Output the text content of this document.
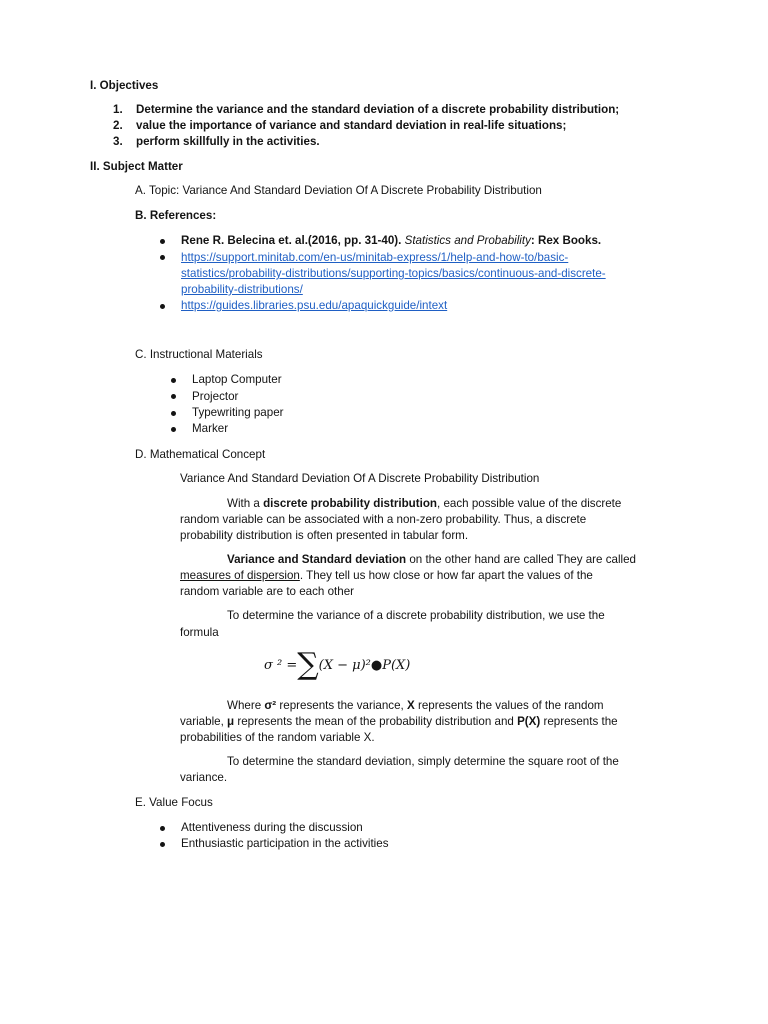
I. Objectives
1. Determine the variance and the standard deviation of a discrete probability distribution;
2. value the importance of variance and standard deviation in real-life situations;
3. perform skillfully in the activities.
II. Subject Matter
A. Topic: Variance And Standard Deviation Of A Discrete Probability Distribution
B. References:
Rene R. Belecina et. al.(2016, pp. 31-40). Statistics and Probability: Rex Books.
https://support.minitab.com/en-us/minitab-express/1/help-and-how-to/basic-
statistics/probability-distributions/supporting-topics/basics/continuous-and-discrete-
probability-distributions/
https://guides.libraries.psu.edu/apaquickguide/intext
C. Instructional Materials
Laptop Computer
Projector
Typewriting paper
Marker
D. Mathematical Concept
Variance And Standard Deviation Of A Discrete Probability Distribution
With a discrete probability distribution, each possible value of the discrete
random variable can be associated with a non-zero probability. Thus, a discrete
probability distribution is often presented in tabular form.
Variance and Standard deviation on the other hand are called They are called
measures of dispersion. They tell us how close or how far apart the values of the
random variable are to each other
To determine the variance of a discrete probability distribution, we use the
formula
σ ² =∑(X − μ)²●P(X)
Where σ² represents the variance, X represents the values of the random
variable, μ represents the mean of the probability distribution and P(X) represents the
probabilities of the random variable X.
To determine the standard deviation, simply determine the square root of the
variance.
E. Value Focus
Attentiveness during the discussion
Enthusiastic participation in the activities
